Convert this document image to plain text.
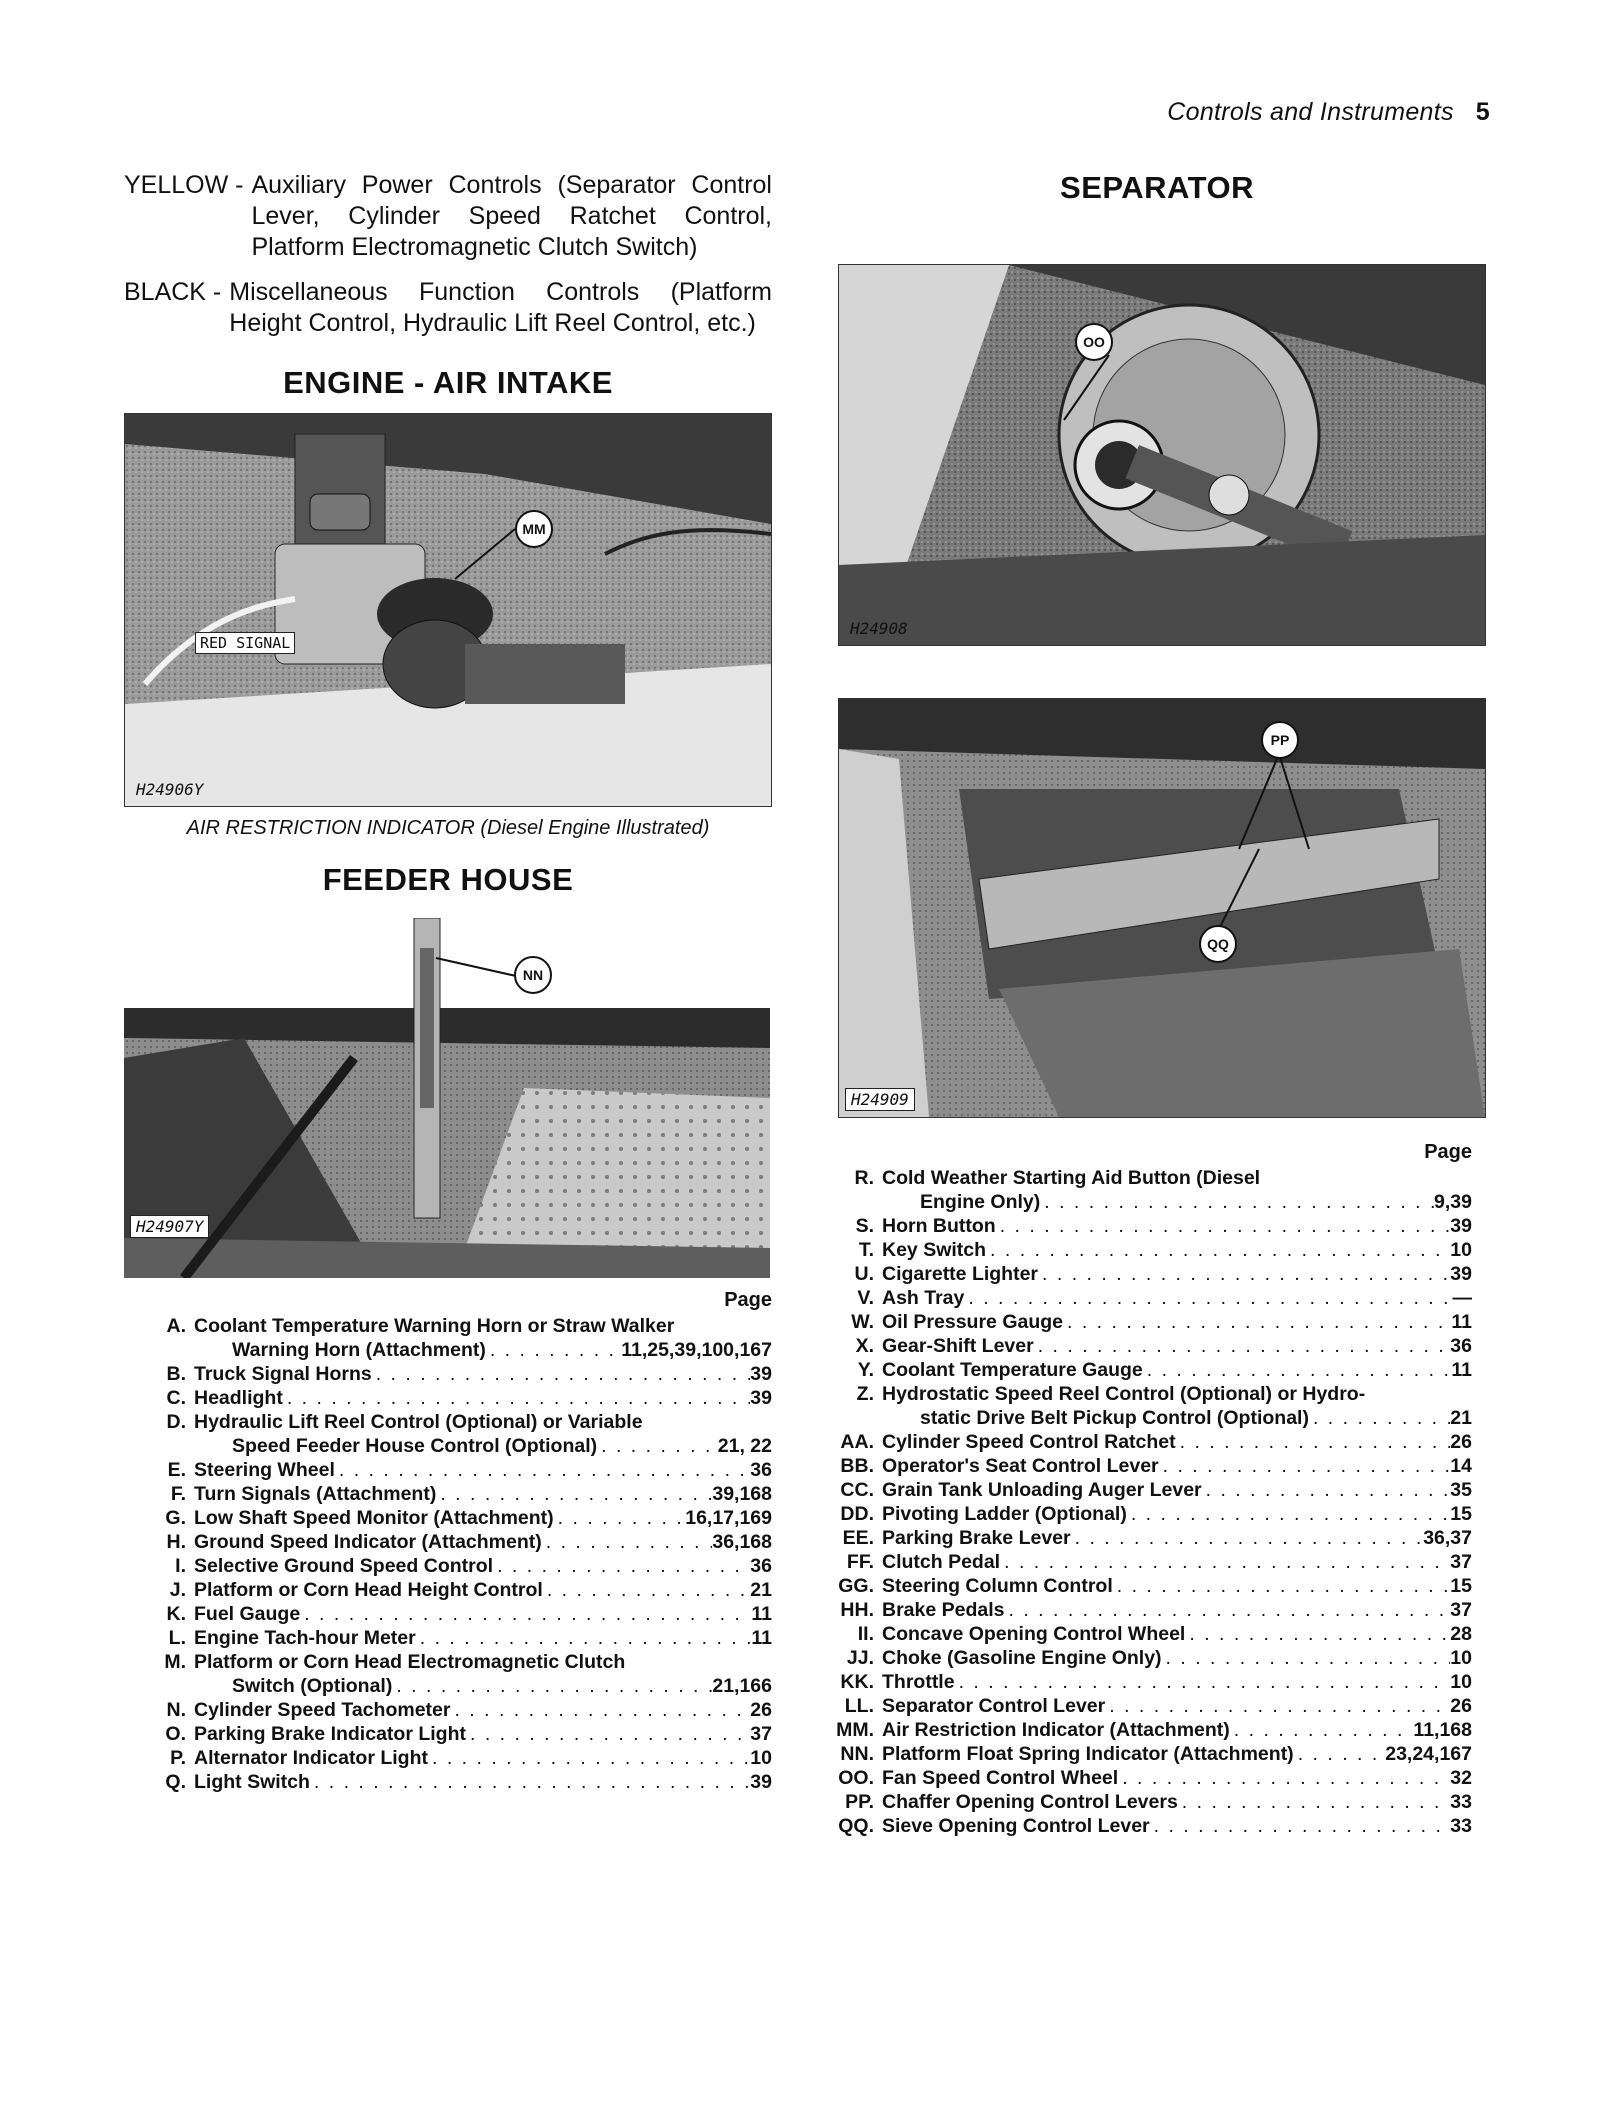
Controls and Instruments 5
YELLOW - Auxiliary Power Controls (Separator Control Lever, Cylinder Speed Ratchet Control, Platform Electromagnetic Clutch Switch)
BLACK - Miscellaneous Function Controls (Platform Height Control, Hydraulic Lift Reel Control, etc.)
ENGINE - AIR INTAKE
RED SIGNAL
MM
H24906Y
AIR RESTRICTION INDICATOR (Diesel Engine Illustrated)
FEEDER HOUSE
NN
H24907Y
Page
A. Coolant Temperature Warning Horn or Straw Walker
Warning Horn (Attachment) . . .	11,25,39,100,167
B. Truck Signal Horns . . .	39
C. Headlight . . .	39
D. Hydraulic Lift Reel Control (Optional) or Variable
Speed Feeder House Control (Optional) . . .	21, 22
E. Steering Wheel . . .	36
F. Turn Signals (Attachment) . . .	39,168
G. Low Shaft Speed Monitor (Attachment) . . .	16,17,169
H. Ground Speed Indicator (Attachment) . . .	36,168
I. Selective Ground Speed Control . . .	36
J. Platform or Corn Head Height Control . . .	21
K. Fuel Gauge . . .	11
L. Engine Tach-hour Meter . . .	11
M. Platform or Corn Head Electromagnetic Clutch
Switch (Optional) . . .	21,166
N. Cylinder Speed Tachometer . . .	26
O. Parking Brake Indicator Light . . .	37
P. Alternator Indicator Light . . .	10
Q. Light Switch . . .	39
SEPARATOR
OO
H24908
PP
QQ
H24909
Page
R. Cold Weather Starting Aid Button (Diesel
Engine Only) . . .	9,39
S. Horn Button . . .	39
T. Key Switch . . .	10
U. Cigarette Lighter . . .	39
V. Ash Tray . . .	—
W. Oil Pressure Gauge . . .	11
X. Gear-Shift Lever . . .	36
Y. Coolant Temperature Gauge . . .	11
Z. Hydrostatic Speed Reel Control (Optional) or Hydro-
static Drive Belt Pickup Control (Optional) . . .	21
AA. Cylinder Speed Control Ratchet . . .	26
BB. Operator's Seat Control Lever . . .	14
CC. Grain Tank Unloading Auger Lever . . .	35
DD. Pivoting Ladder (Optional) . . .	15
EE. Parking Brake Lever . . .	36,37
FF. Clutch Pedal . . .	37
GG. Steering Column Control . . .	15
HH. Brake Pedals . . .	37
II. Concave Opening Control Wheel . . .	28
JJ. Choke (Gasoline Engine Only) . . .	10
KK. Throttle . . .	10
LL. Separator Control Lever . . .	26
MM. Air Restriction Indicator (Attachment) . . .	11,168
NN. Platform Float Spring Indicator (Attachment) . . .	23,24,167
OO. Fan Speed Control Wheel . . .	32
PP. Chaffer Opening Control Levers . . .	33
QQ. Sieve Opening Control Lever . . .	33
